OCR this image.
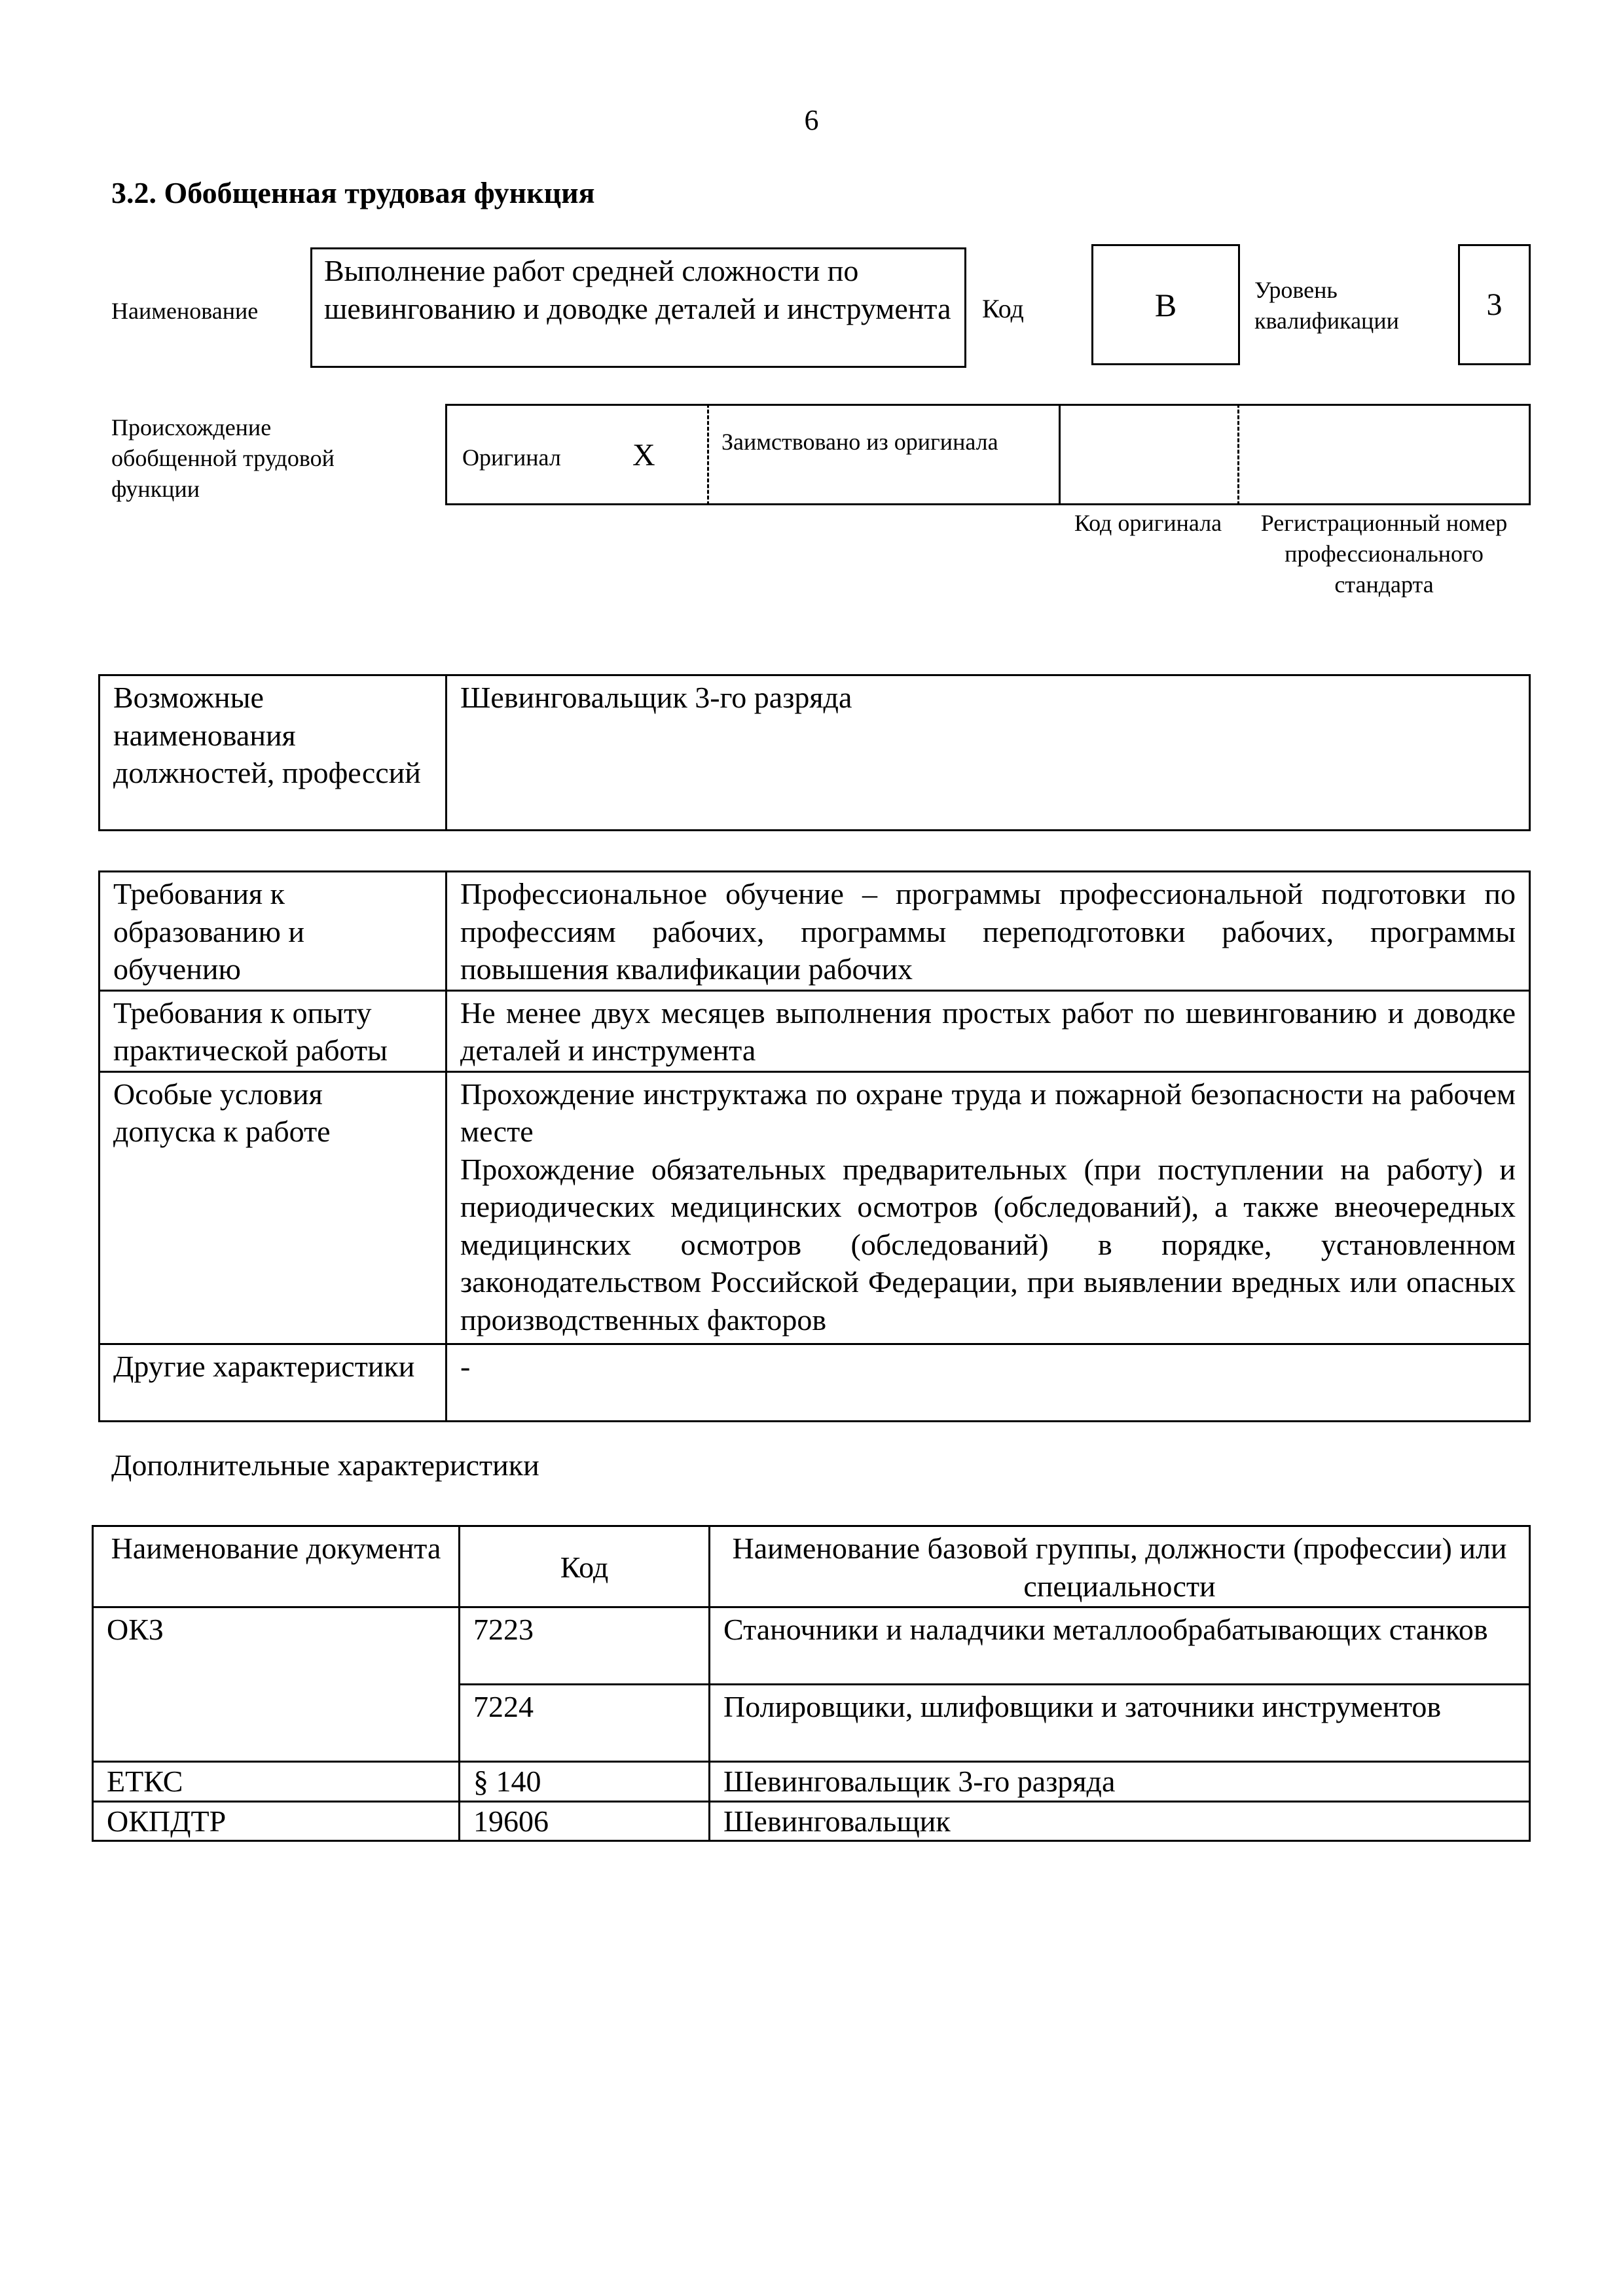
6
3.2. Обобщенная трудовая функция
Наименование
Выполнение работ средней сложности по шевингованию и доводке деталей и инструмента	Код	B	Уровень квалификации	3
Происхождение обобщенной трудовой функции
Оригинал X	Заимствовано из оригинала
Код оригинала	Регистрационный номер профессионального стандарта
Возможные наименования должностей, профессий	Шевинговальщик 3-го разряда
Требования к образованию и обучению	Профессиональное обучение – программы профессиональной подготовки по профессиям рабочих, программы переподготовки рабочих, программы повышения квалификации рабочих
Требования к опыту практической работы	Не менее двух месяцев выполнения простых работ по шевингованию и доводке деталей и инструмента
Особые условия допуска к работе	Прохождение инструктажа по охране труда и пожарной безопасности на рабочем месте
Прохождение обязательных предварительных (при поступлении на работу) и периодических медицинских осмотров (обследований), а также внеочередных медицинских осмотров (обследований) в порядке, установленном законодательством Российской Федерации, при выявлении вредных или опасных производственных факторов

Другие характеристики	-
Дополнительные характеристики
Наименование документа	Код	Наименование базовой группы, должности (профессии) или специальности
ОКЗ	7223	Станочники и наладчики металлообрабатывающих станков
	7224	Полировщики, шлифовщики и заточники инструментов
ЕТКС	§ 140	Шевинговальщик 3-го разряда
ОКПДТР	19606	Шевинговальщик
